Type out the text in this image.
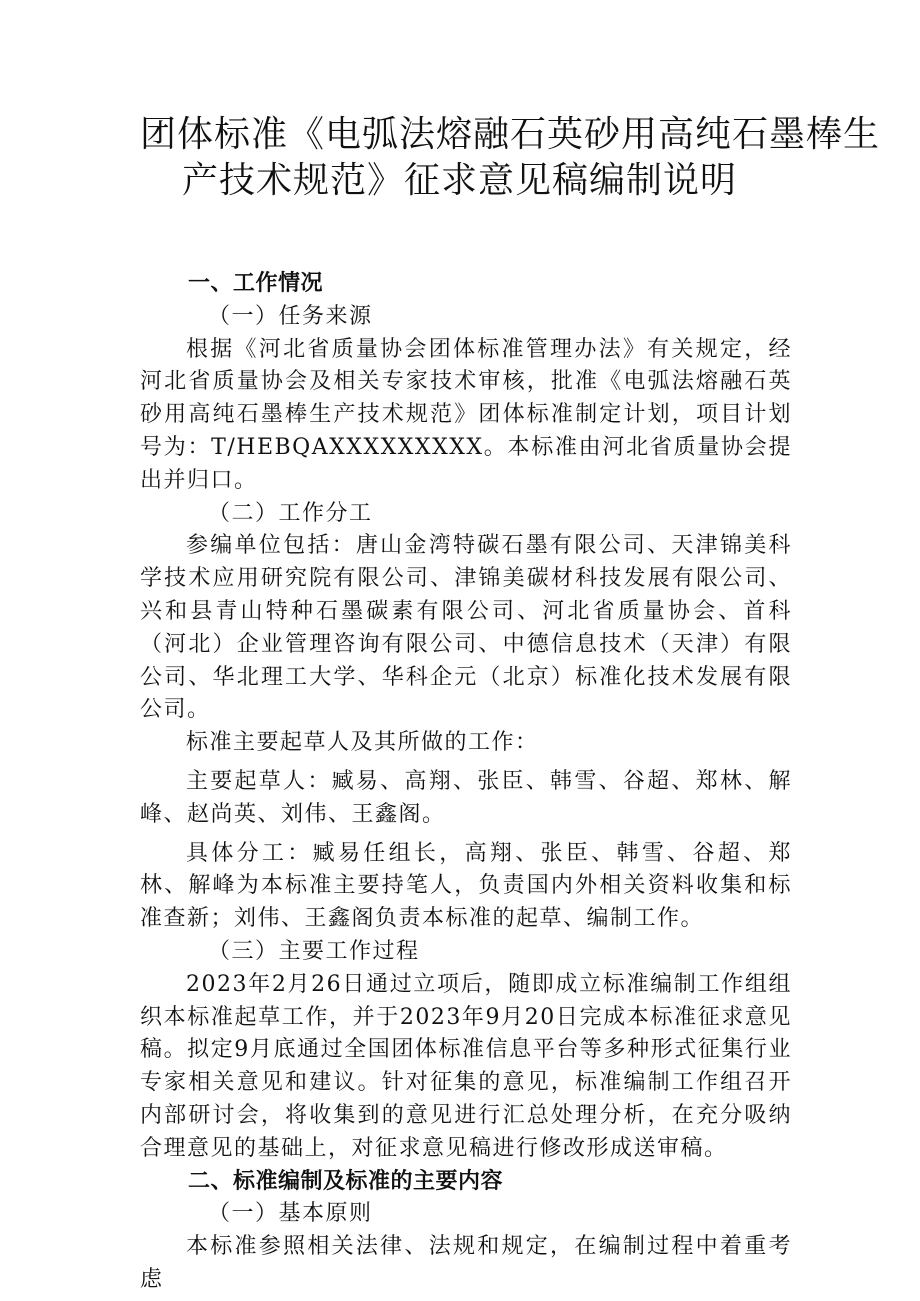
团体标准《电弧法熔融石英砂用高纯石墨棒生
产技术规范》征求意见稿编制说明

一、工作情况

（一）任务来源

根据《河北省质量协会团体标准管理办法》有关规定，经河北省质量协会及相关专家技术审核，批准《电弧法熔融石英砂用高纯石墨棒生产技术规范》团体标准制定计划，项目计划号为：T/HEBQAXXXXXXXXX。本标准由河北省质量协会提出并归口。

（二）工作分工

参编单位包括：唐山金湾特碳石墨有限公司、天津锦美科学技术应用研究院有限公司、津锦美碳材科技发展有限公司、兴和县青山特种石墨碳素有限公司、河北省质量协会、首科（河北）企业管理咨询有限公司、中德信息技术（天津）有限公司、华北理工大学、华科企元（北京）标准化技术发展有限公司。

标准主要起草人及其所做的工作：

主要起草人：臧易、高翔、张臣、韩雪、谷超、郑林、解峰、赵尚英、刘伟、王鑫阁。

具体分工：臧易任组长，高翔、张臣、韩雪、谷超、郑林、解峰为本标准主要持笔人，负责国内外相关资料收集和标准查新；刘伟、王鑫阁负责本标准的起草、编制工作。

（三）主要工作过程

2023年2月26日通过立项后，随即成立标准编制工作组组织本标准起草工作，并于2023年9月20日完成本标准征求意见稿。拟定9月底通过全国团体标准信息平台等多种形式征集行业专家相关意见和建议。针对征集的意见，标准编制工作组召开内部研讨会，将收集到的意见进行汇总处理分析，在充分吸纳合理意见的基础上，对征求意见稿进行修改形成送审稿。

二、标准编制及标准的主要内容

（一）基本原则

本标准参照相关法律、法规和规定，在编制过程中着重考虑
